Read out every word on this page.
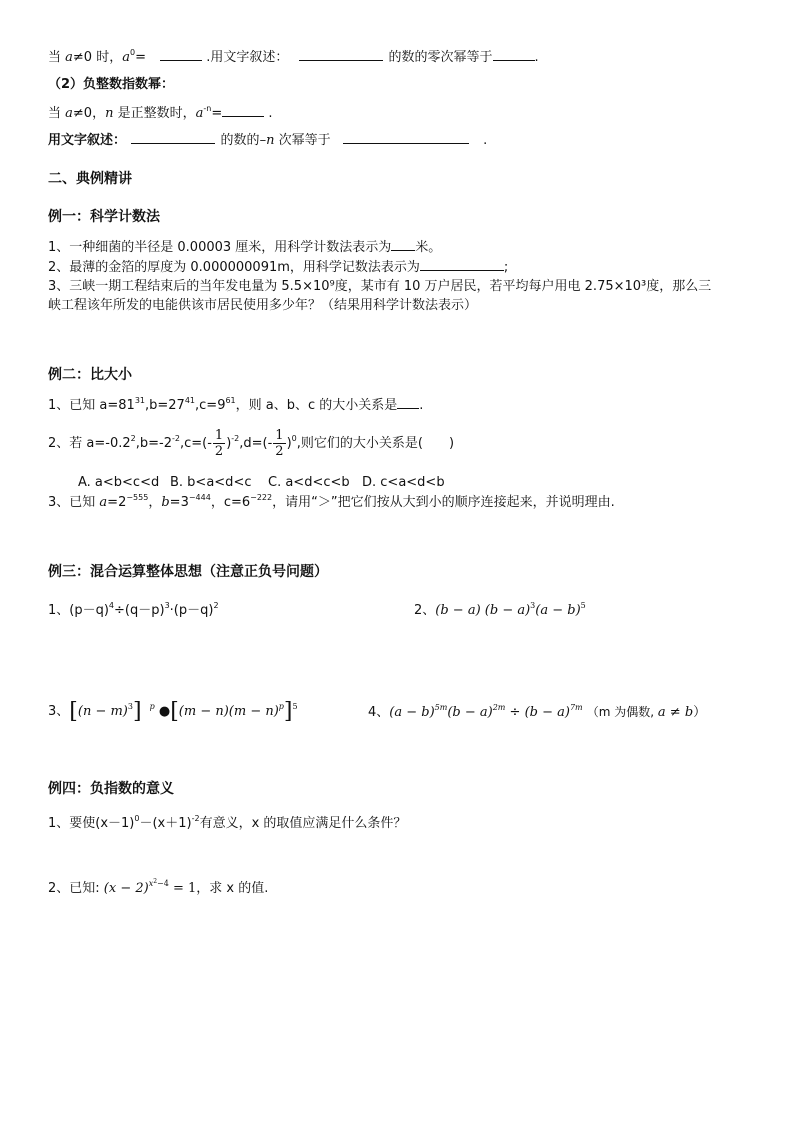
当 a≠0 时，$a^0=$	.用文字叙述：	的数的零次幂等于	.
（2）负整数指数幂：
当 a≠0，n 是正整数时，$a^{-n}=$	.
用文字叙述：	的数的–n 次幂等于	.
二、典例精讲
例一：科学计数法
1、一种细菌的半径是 0.00003 厘米，用科学计数法表示为 米。
2、最薄的金箔的厚度为 0.000000091m，用科学记数法表示为	;
3、三峡一期工程结束后的当年发电量为 5.5×10⁹度，某市有 10 万户居民，若平均每户用电 2.75×10³度，那么三
峡工程该年所发的电能供该市居民使用多少年？（结果用科学计数法表示）
例二：比大小
1、已知 $a=81^{31},b=27^{41},c=9^{61}$，则 a、b、c 的大小关系是 .
2、若 $a=-0.2^2,b=-2^{-2},c=(- \frac{1}{2} )^{-2},d=(- \frac{1}{2} )^0$,则它们的大小关系是(　　)
A. a<b<c<d B. b<a<d<c C. a<d<c<b D. c<a<d<b
3、已知 $a=2^{-555}$，$b=3^{-444}$，$c=6^{-222}$，请用“＞”把它们按从大到小的顺序连接起来，并说明理由.
例三：混合运算整体思想（注意正负号问题）
1、$(p-q)^4\div(q-p)^3\cdot(p-q)^2$	2、(b − a) $(b - a)^3(a - b)^5$
3、$[(n - m)^3]$ $^p$ ●[(m − $n)(m - n)^p]^5$	4、$(a - b)^{5m}(b - a)^{2m} \div (b - a)^{7m}$ （m 为偶数, a ≠ b）
例四：负指数的意义
1、要使$(x-1)^0-(x+1)^{-2}$有意义，x 的取值应满足什么条件？
2、已知: $(x - 2)^{x2-4} = 1$，求 x 的值.
